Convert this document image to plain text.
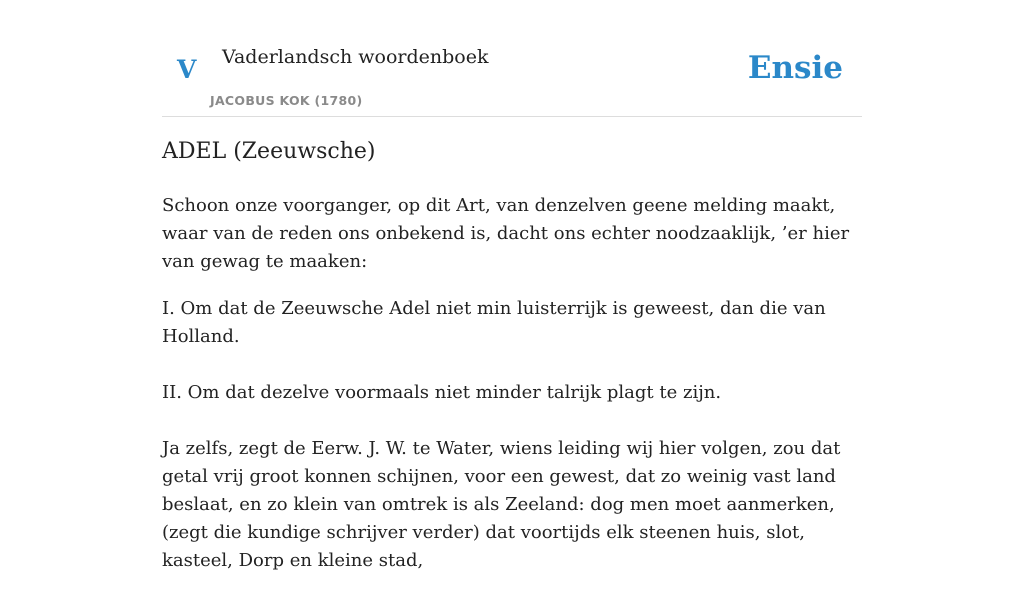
V Vaderlandsch woordenboek
JACOBUS KOK (1780)
Ensie
ADEL (Zeeuwsche)

Schoon onze voorganger, op dit Art, van denzelven geene melding maakt, waar van de reden ons onbekend is, dacht ons echter noodzaaklijk, ’er hier van gewag te maaken:

I. Om dat de Zeeuwsche Adel niet min luisterrijk is geweest, dan die van Holland.

II. Om dat dezelve voormaals niet minder talrijk plagt te zijn.

Ja zelfs, zegt de Eerw. J. W. te Water, wiens leiding wij hier volgen, zou dat getal vrij groot konnen schijnen, voor een gewest, dat zo weinig vast land beslaat, en zo klein van omtrek is als Zeeland: dog men moet aanmerken, (zegt die kundige schrijver verder) dat voortijds elk steenen huis, slot, kasteel, Dorp en kleine stad,
